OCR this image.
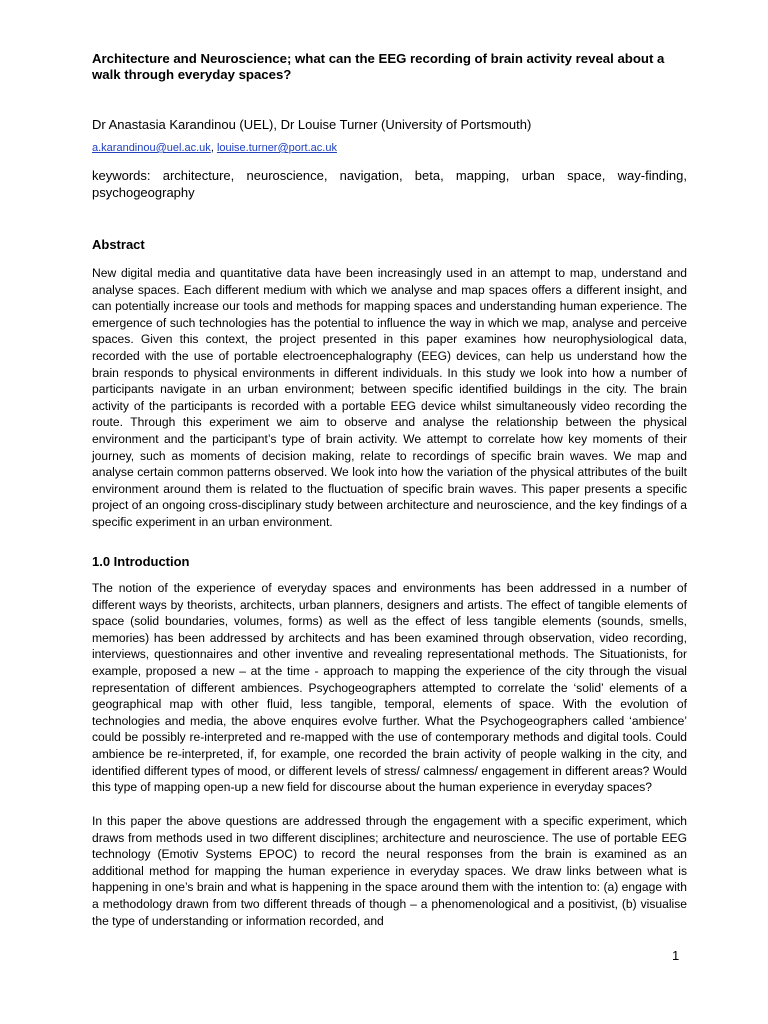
Architecture and Neuroscience; what can the EEG recording of brain activity reveal about a walk through everyday spaces?

Dr Anastasia Karandinou (UEL), Dr Louise Turner (University of Portsmouth)

a.karandinou@uel.ac.uk, louise.turner@port.ac.uk

keywords: architecture, neuroscience, navigation, beta, mapping, urban space, way-finding, psychogeography

Abstract

New digital media and quantitative data have been increasingly used in an attempt to map, understand and analyse spaces. Each different medium with which we analyse and map spaces offers a different insight, and can potentially increase our tools and methods for mapping spaces and understanding human experience. The emergence of such technologies has the potential to influence the way in which we map, analyse and perceive spaces. Given this context, the project presented in this paper examines how neurophysiological data, recorded with the use of portable electroencephalography (EEG) devices, can help us understand how the brain responds to physical environments in different individuals. In this study we look into how a number of participants navigate in an urban environment; between specific identified buildings in the city. The brain activity of the participants is recorded with a portable EEG device whilst simultaneously video recording the route. Through this experiment we aim to observe and analyse the relationship between the physical environment and the participant’s type of brain activity. We attempt to correlate how key moments of their journey, such as moments of decision making, relate to recordings of specific brain waves. We map and analyse certain common patterns observed. We look into how the variation of the physical attributes of the built environment around them is related to the fluctuation of specific brain waves. This paper presents a specific project of an ongoing cross-disciplinary study between architecture and neuroscience, and the key findings of a specific experiment in an urban environment.

1.0 Introduction

The notion of the experience of everyday spaces and environments has been addressed in a number of different ways by theorists, architects, urban planners, designers and artists. The effect of tangible elements of space (solid boundaries, volumes, forms) as well as the effect of less tangible elements (sounds, smells, memories) has been addressed by architects and has been examined through observation, video recording, interviews, questionnaires and other inventive and revealing representational methods. The Situationists, for example, proposed a new – at the time - approach to mapping the experience of the city through the visual representation of different ambiences. Psychogeographers attempted to correlate the ‘solid’ elements of a geographical map with other fluid, less tangible, temporal, elements of space. With the evolution of technologies and media, the above enquires evolve further. What the Psychogeographers called ‘ambience’ could be possibly re-interpreted and re-mapped with the use of contemporary methods and digital tools. Could ambience be re-interpreted, if, for example, one recorded the brain activity of people walking in the city, and identified different types of mood, or different levels of stress/ calmness/ engagement in different areas? Would this type of mapping open-up a new field for discourse about the human experience in everyday spaces?

In this paper the above questions are addressed through the engagement with a specific experiment, which draws from methods used in two different disciplines; architecture and neuroscience. The use of portable EEG technology (Emotiv Systems EPOC) to record the neural responses from the brain is examined as an additional method for mapping the human experience in everyday spaces. We draw links between what is happening in one’s brain and what is happening in the space around them with the intention to: (a) engage with a methodology drawn from two different threads of though – a phenomenological and a positivist, (b) visualise the type of understanding or information recorded, and

1
